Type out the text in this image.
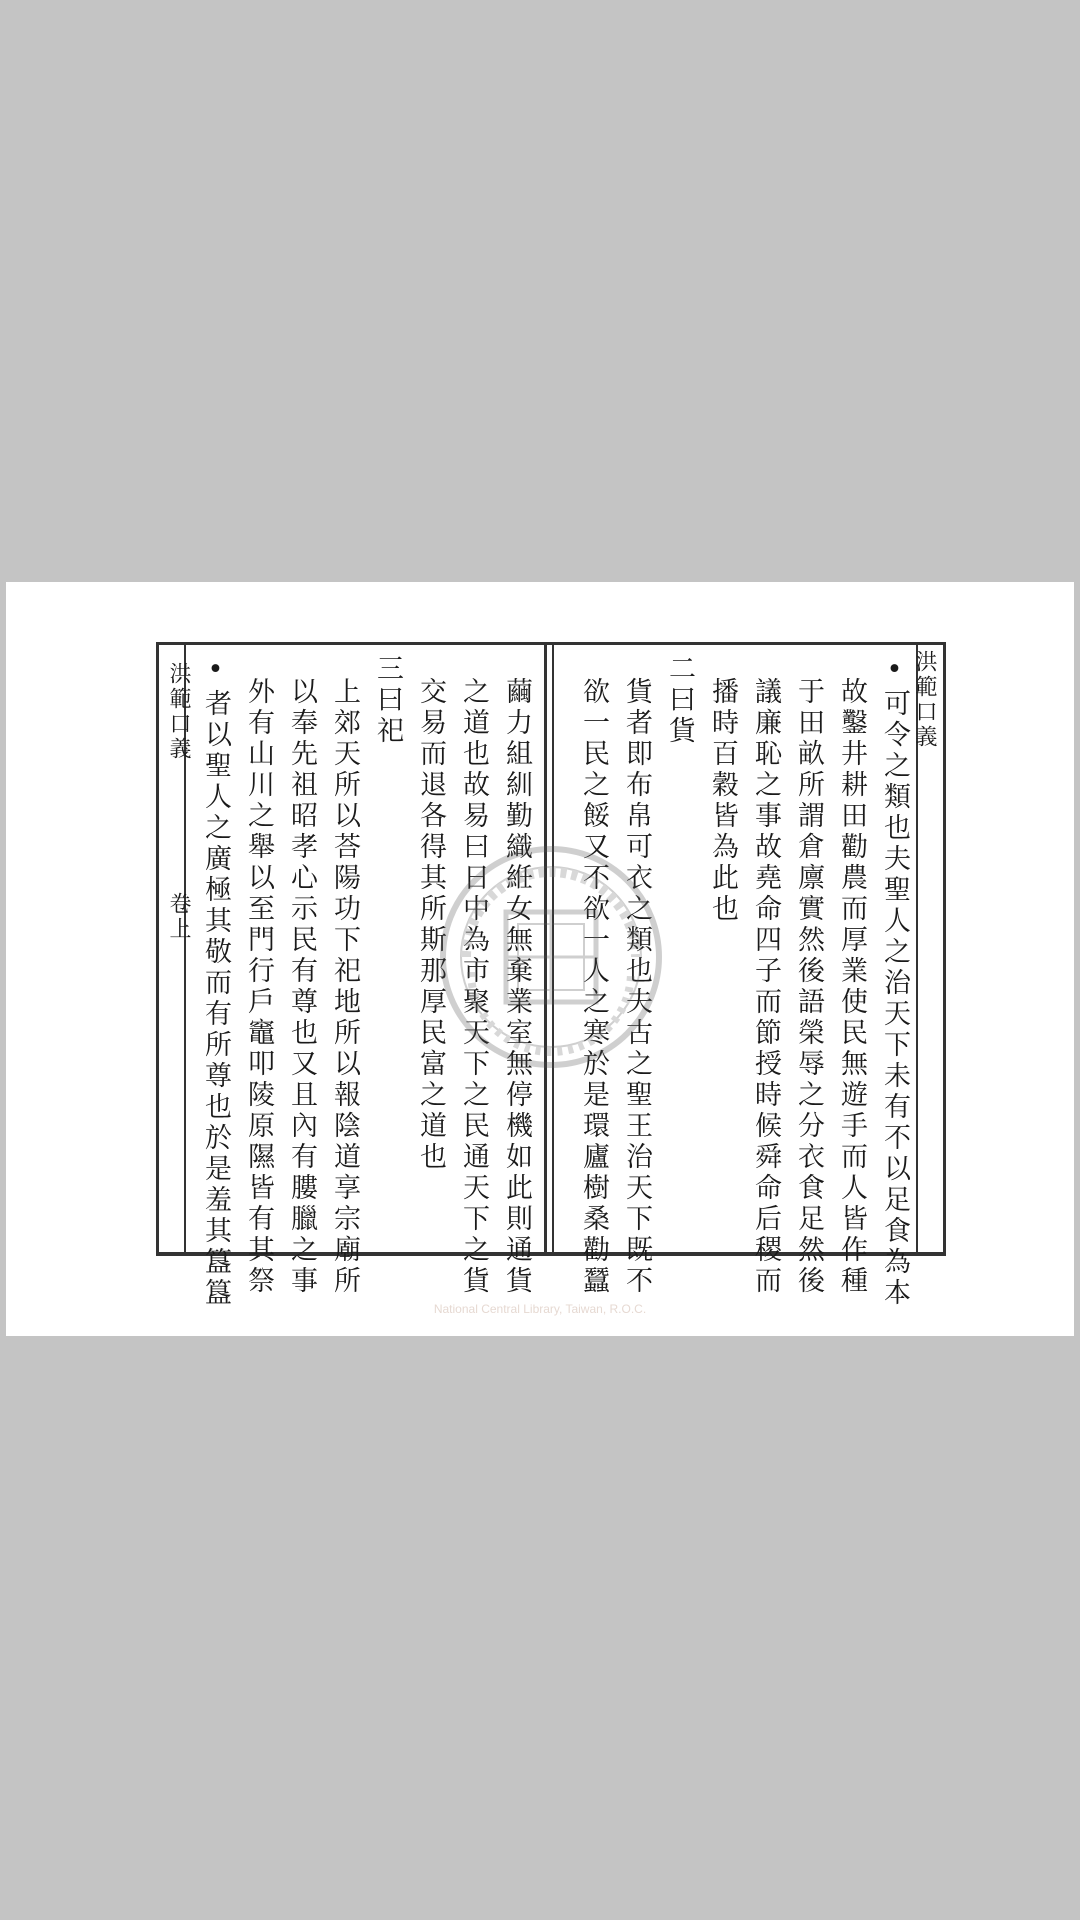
洪範口義
•可令之類也夫聖人之治天下未有不以足食為本
故鑿井耕田勸農而厚業使民無遊手而人皆作種
于田畝所謂倉廪實然後語榮辱之分衣食足然後
議廉恥之事故堯命四子而節授時候舜命后稷而
播時百穀皆為此也
二曰貨
貨者即布帛可衣之類也夫古之聖王治天下既不
欲一民之餒又不欲一人之寒於是環廬樹桑勸蠶
繭力組紃勤織絍女無棄業室無停機如此則通貨
之道也故易曰日中為市聚天下之民通天下之貨
交易而退各得其所斯那厚民富之道也
三曰祀
上郊天所以荅陽功下祀地所以報陰道享宗廟所
以奉先祖昭孝心示民有尊也又且內有膢臘之事
外有山川之舉以至門行戶竈叩陵原隰皆有其祭
•者以聖人之廣極其敬而有所尊也於是羞其簋簋
洪範口義
卷上
National Central Library, Taiwan, R.O.C.
